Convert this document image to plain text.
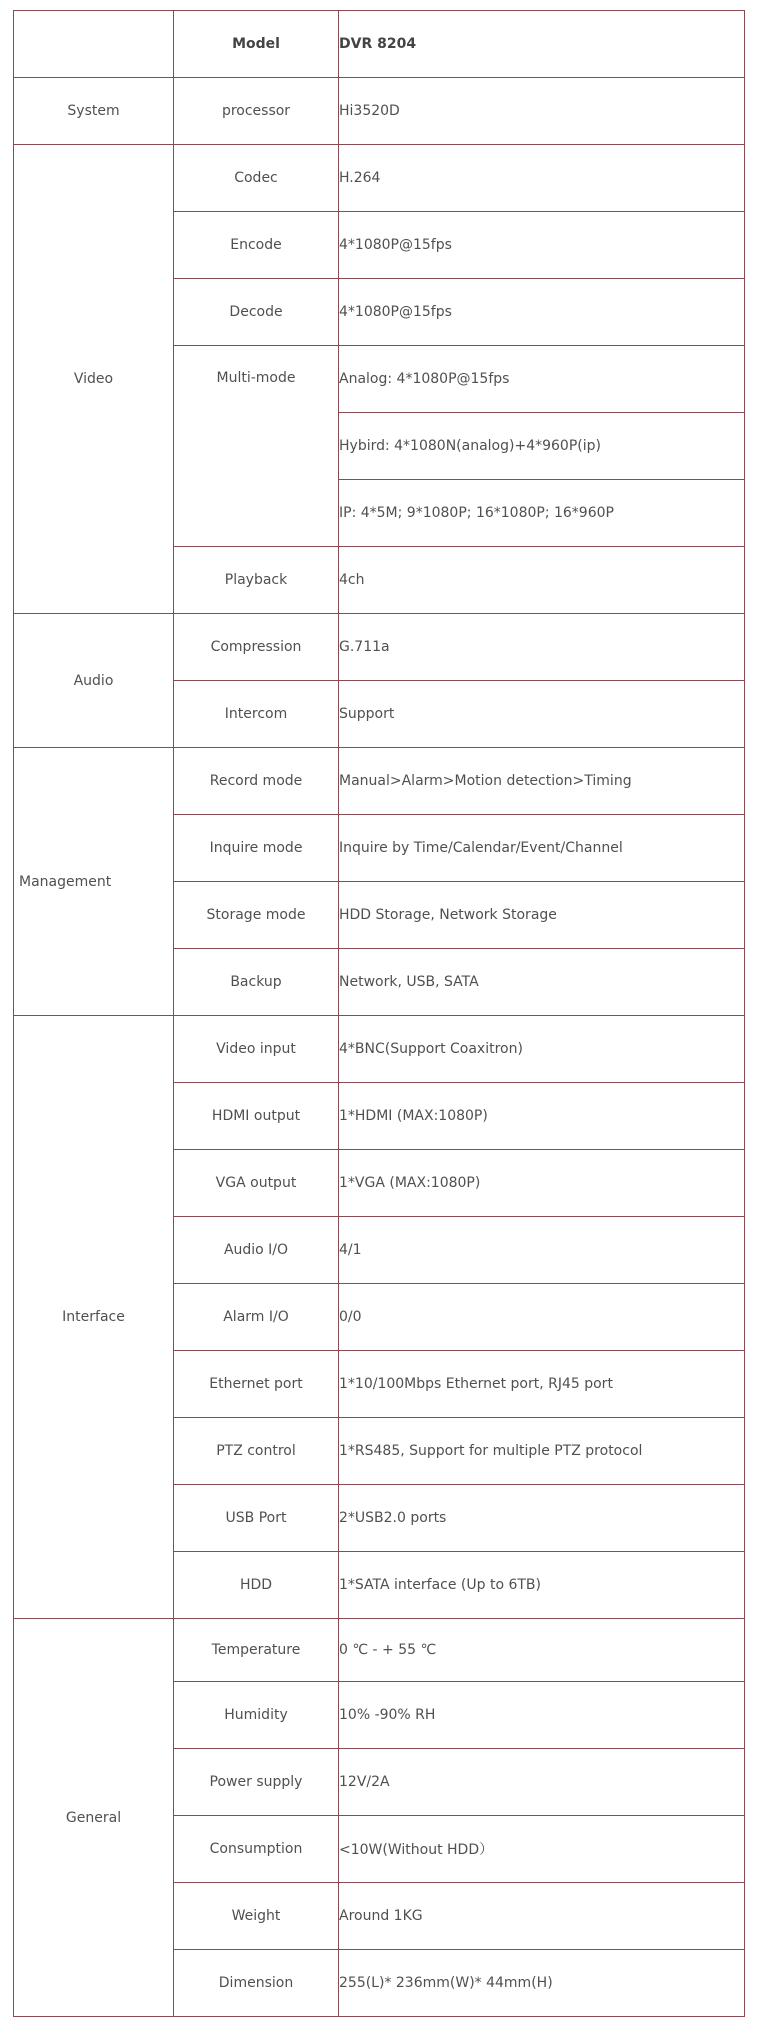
	Model	DVR 8204
System	processor	Hi3520D
Video	Codec	H.264
	Encode	4*1080P@15fps
	Decode	4*1080P@15fps
	Multi-mode	Analog: 4*1080P@15fps
		Hybird: 4*1080N(analog)+4*960P(ip)
		IP: 4*5M; 9*1080P; 16*1080P; 16*960P
	Playback	4ch
Audio	Compression	G.711a
	Intercom	Support
Management	Record mode	Manual>Alarm>Motion detection>Timing
	Inquire mode	Inquire by Time/Calendar/Event/Channel
	Storage mode	HDD Storage, Network Storage
	Backup	Network, USB, SATA
Interface	Video input	4*BNC(Support Coaxitron)
	HDMI output	1*HDMI (MAX:1080P)
	VGA output	1*VGA (MAX:1080P)
	Audio I/O	4/1
	Alarm I/O	0/0
	Ethernet port	1*10/100Mbps Ethernet port, RJ45 port
	PTZ control	1*RS485, Support for multiple PTZ protocol
	USB Port	2*USB2.0 ports
	HDD	1*SATA interface (Up to 6TB)
General	Temperature	0 ℃ - + 55 ℃
	Humidity	10% -90% RH
	Power supply	12V/2A
	Consumption	<10W(Without HDD）
	Weight	Around 1KG
	Dimension	255(L)* 236mm(W)* 44mm(H)
